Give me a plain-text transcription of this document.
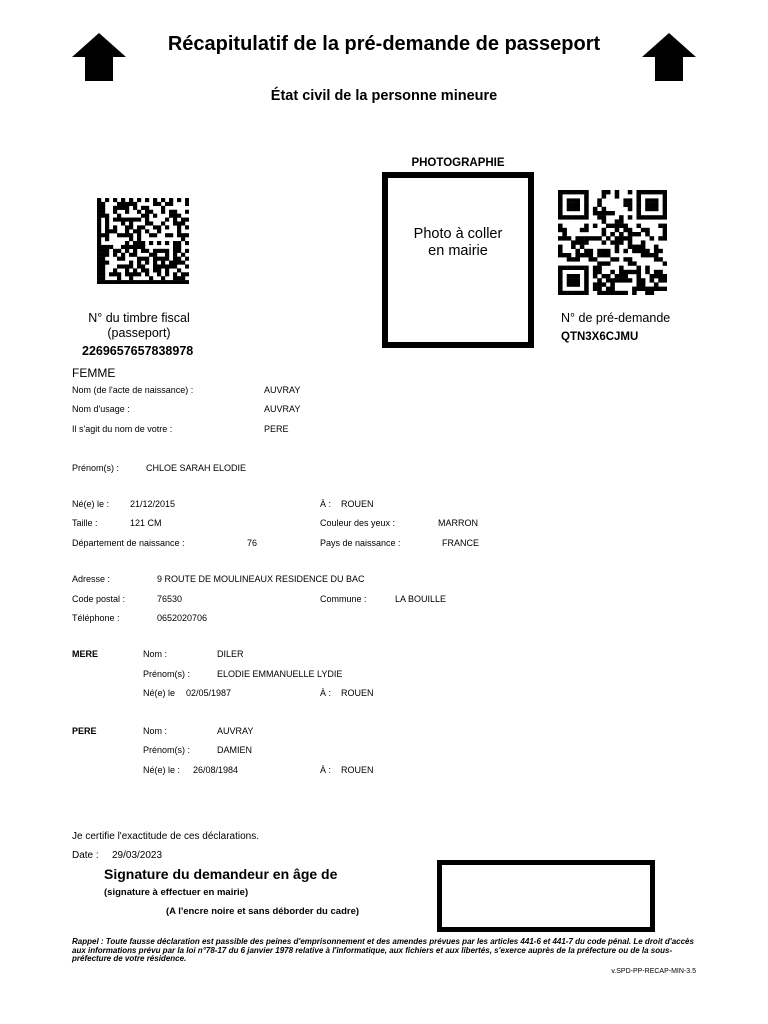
Récapitulatif de la pré-demande de passeport
État civil de la personne mineure
PHOTOGRAPHIE
Photo à coller en mairie
N° du timbre fiscal
(passeport)
2269657657838978
N° de pré-demande
QTN3X6CJMU
FEMME
Nom (de l'acte de naissance) :	AUVRAY
Nom d'usage :	AUVRAY
Il s'agit du nom de votre :	PERE
Prénom(s) :	CHLOE SARAH ELODIE
Né(e) le : 21/12/2015	À : ROUEN
Taille :	121 CM	Couleur des yeux :	MARRON
Département de naissance :	76	Pays de naissance :	FRANCE
Adresse :	9 ROUTE DE MOULINEAUX RESIDENCE DU BAC
Code postal :	76530	Commune :	LA BOUILLE
Téléphone :	0652020706
MERE	Nom :	DILER
Prénom(s) :	ELODIE EMMANUELLE LYDIE
Né(e) le 02/05/1987	À : ROUEN
PERE	Nom :	AUVRAY
Prénom(s) :	DAMIEN
Né(e) le : 26/08/1984	À : ROUEN
Je certifie l'exactitude de ces déclarations.
Date : 29/03/2023
Signature du demandeur en âge de
(signature à effectuer en mairie)
(A l'encre noire et sans déborder du cadre)
Rappel : Toute fausse déclaration est passible des peines d'emprisonnement et des amendes prévues par les articles 441-6 et 441-7 du code pénal. Le droit d'accès aux informations prévu par la loi n°78-17 du 6 janvier 1978 relative à l'informatique, aux fichiers et aux libertés, s'exerce auprès de la préfecture ou de la sous-préfecture de votre résidence.
v.SPD-PP-RECAP-MIN-3.5
